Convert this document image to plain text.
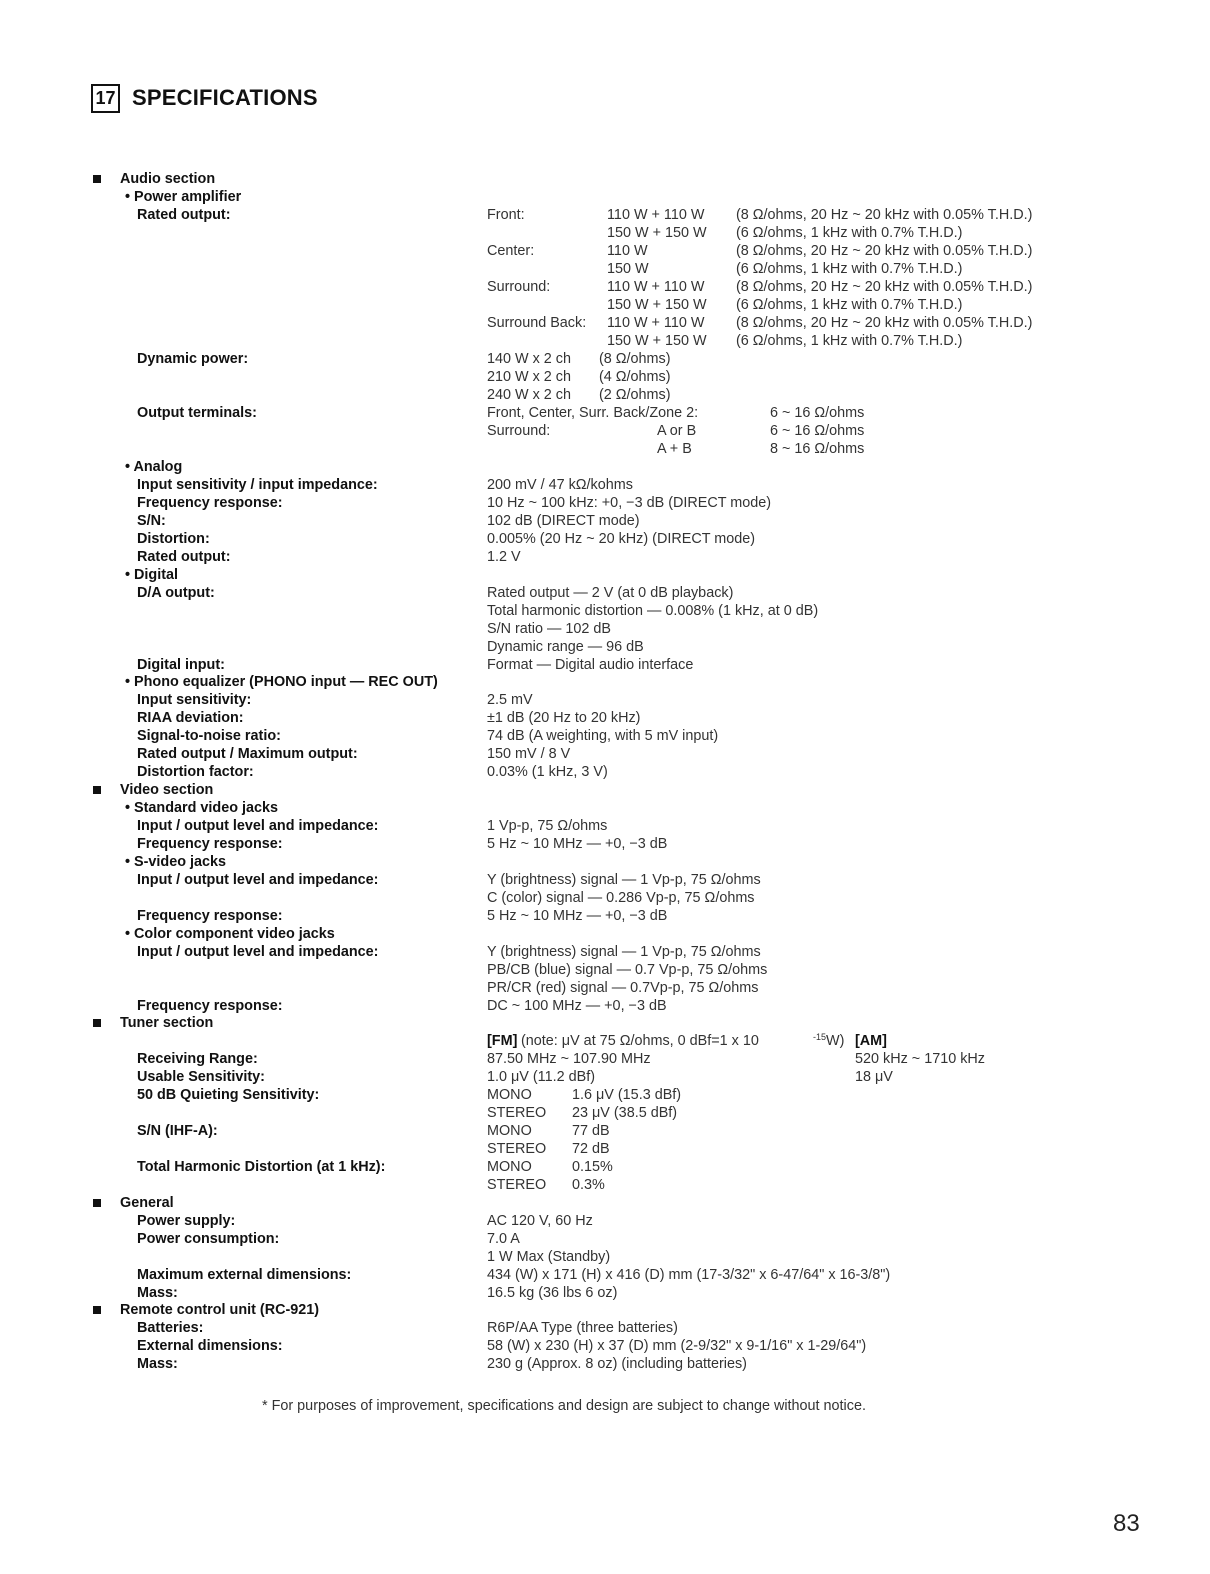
17 SPECIFICATIONS
Audio section
• Power amplifier
Rated output:	Front:	110 W + 110 W (8 Ω/ohms, 20 Hz ~ 20 kHz with 0.05% T.H.D.)
150 W + 150 W (6 Ω/ohms, 1 kHz with 0.7% T.H.D.)
Center:	110 W	(8 Ω/ohms, 20 Hz ~ 20 kHz with 0.05% T.H.D.)
150 W	(6 Ω/ohms, 1 kHz with 0.7% T.H.D.)
Surround:	110 W + 110 W (8 Ω/ohms, 20 Hz ~ 20 kHz with 0.05% T.H.D.)
150 W + 150 W (6 Ω/ohms, 1 kHz with 0.7% T.H.D.)
Surround Back: 110 W + 110 W (8 Ω/ohms, 20 Hz ~ 20 kHz with 0.05% T.H.D.)
150 W + 150 W (6 Ω/ohms, 1 kHz with 0.7% T.H.D.)
Dynamic power:	140 W x 2 ch (8 Ω/ohms)
210 W x 2 ch (4 Ω/ohms)
240 W x 2 ch (2 Ω/ohms)
Output terminals:	Front, Center, Surr. Back/Zone 2:	6 ~ 16 Ω/ohms
Surround:	A or B	6 ~ 16 Ω/ohms
A + B	8 ~ 16 Ω/ohms
• Analog
Input sensitivity / input impedance:	200 mV / 47 kΩ/kohms
Frequency response:	10 Hz ~ 100 kHz: +0, −3 dB (DIRECT mode)
S/N:	102 dB (DIRECT mode)
Distortion:	0.005% (20 Hz ~ 20 kHz) (DIRECT mode)
Rated output:	1.2 V
• Digital
D/A output:	Rated output — 2 V (at 0 dB playback)
Total harmonic distortion — 0.008% (1 kHz, at 0 dB)
S/N ratio — 102 dB
Dynamic range — 96 dB
Digital input:	Format — Digital audio interface
• Phono equalizer (PHONO input — REC OUT)
Input sensitivity:	2.5 mV
RIAA deviation:	±1 dB (20 Hz to 20 kHz)
Signal-to-noise ratio:	74 dB (A weighting, with 5 mV input)
Rated output / Maximum output:	150 mV / 8 V
Distortion factor:	0.03% (1 kHz, 3 V)
Video section
• Standard video jacks
Input / output level and impedance:	1 Vp-p, 75 Ω/ohms
Frequency response:	5 Hz ~ 10 MHz — +0, −3 dB
• S-video jacks
Input / output level and impedance:	Y (brightness) signal — 1 Vp-p, 75 Ω/ohms
C (color) signal — 0.286 Vp-p, 75 Ω/ohms
Frequency response:	5 Hz ~ 10 MHz — +0, −3 dB
• Color component video jacks
Input / output level and impedance:	Y (brightness) signal — 1 Vp-p, 75 Ω/ohms
PB/CB (blue) signal — 0.7 Vp-p, 75 Ω/ohms
PR/CR (red) signal — 0.7Vp-p, 75 Ω/ohms
Frequency response:	DC ~ 100 MHz — +0, −3 dB
Tuner section
[FM] (note: μV at 75 Ω/ohms, 0 dBf=1 x 10	-15 W) [AM]
Receiving Range:	87.50 MHz ~ 107.90 MHz	520 kHz ~ 1710 kHz
Usable Sensitivity:	1.0 μV (11.2 dBf)	18 μV
50 dB Quieting Sensitivity:	MONO	1.6 μV (15.3 dBf)
STEREO 23 μV (38.5 dBf)
S/N (IHF-A):	MONO	77 dB
STEREO 72 dB
Total Harmonic Distortion (at 1 kHz):	MONO	0.15%
STEREO 0.3%
General
Power supply:	AC 120 V, 60 Hz
Power consumption:	7.0 A
1 W Max (Standby)
Maximum external dimensions:	434 (W) x 171 (H) x 416 (D) mm (17-3/32" x 6-47/64" x 16-3/8")
Mass:	16.5 kg (36 lbs 6 oz)
Remote control unit (RC-921)
Batteries:	R6P/AA Type (three batteries)
External dimensions:	58 (W) x 230 (H) x 37 (D) mm (2-9/32" x 9-1/16" x 1-29/64")
Mass:	230 g (Approx. 8 oz) (including batteries)
* For purposes of improvement, specifications and design are subject to change without notice.
83
